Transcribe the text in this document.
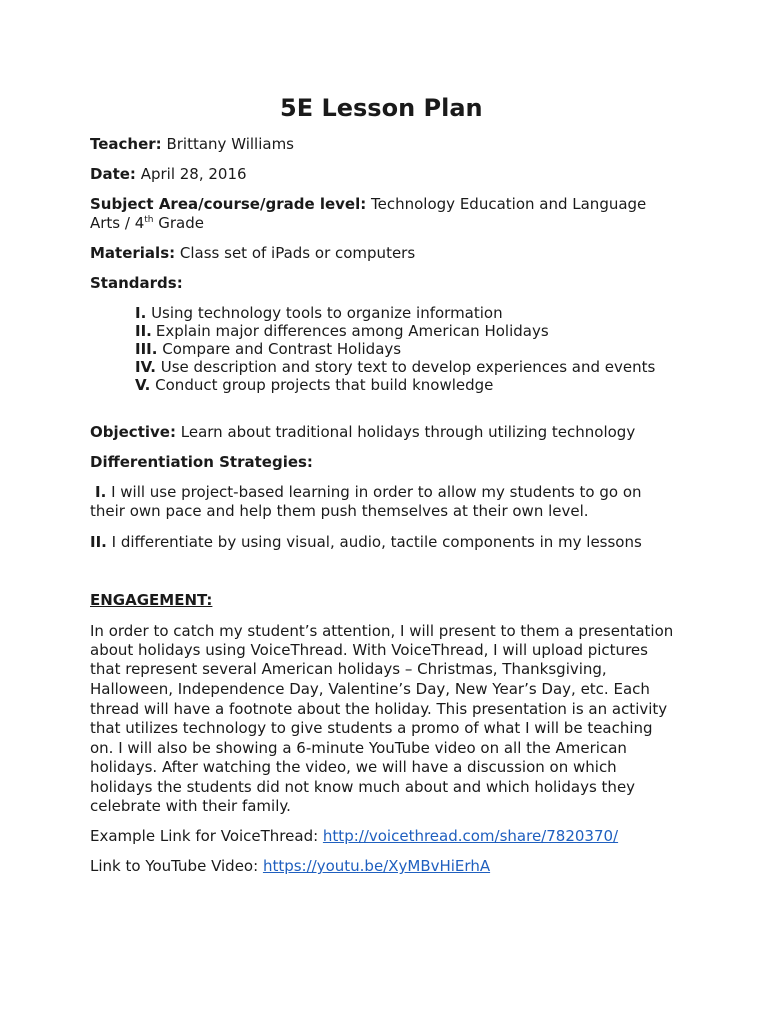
5E Lesson Plan
Teacher: Brittany Williams
Date: April 28, 2016
Subject Area/course/grade level: Technology Education and Language
Arts / 4th Grade
Materials: Class set of iPads or computers
Standards:
I. Using technology tools to organize information
II. Explain major differences among American Holidays
III. Compare and Contrast Holidays
IV. Use description and story text to develop experiences and events
V. Conduct group projects that build knowledge
Objective: Learn about traditional holidays through utilizing technology
Differentiation Strategies:
I. I will use project-based learning in order to allow my students to go on
their own pace and help them push themselves at their own level.
II. I differentiate by using visual, audio, tactile components in my lessons
ENGAGEMENT:
In order to catch my student’s attention, I will present to them a presentation
about holidays using VoiceThread. With VoiceThread, I will upload pictures
that represent several American holidays – Christmas, Thanksgiving,
Halloween, Independence Day, Valentine’s Day, New Year’s Day, etc. Each
thread will have a footnote about the holiday. This presentation is an activity
that utilizes technology to give students a promo of what I will be teaching
on. I will also be showing a 6-minute YouTube video on all the American
holidays. After watching the video, we will have a discussion on which
holidays the students did not know much about and which holidays they
celebrate with their family.
Example Link for VoiceThread: http://voicethread.com/share/7820370/
Link to YouTube Video: https://youtu.be/XyMBvHiErhA
